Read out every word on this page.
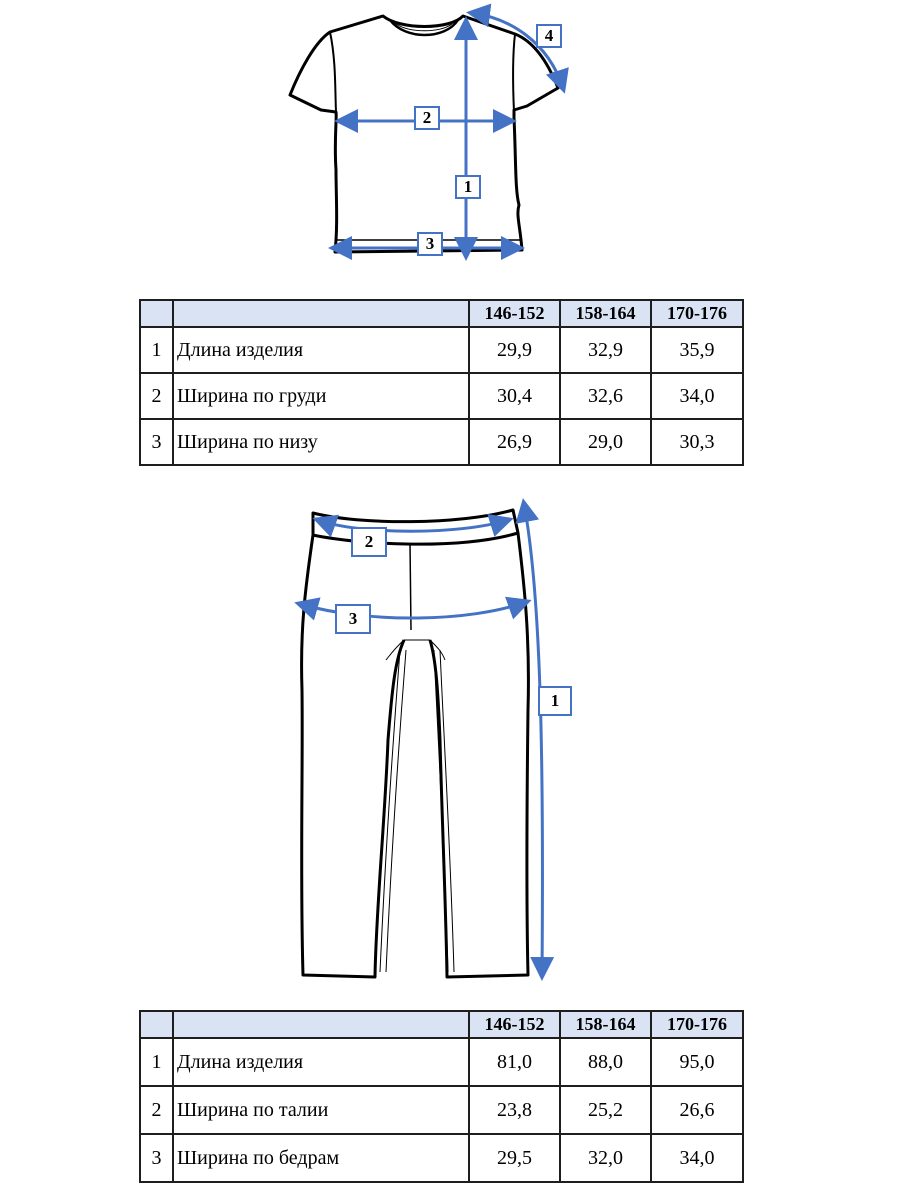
1
2
3
4
		146-152	158-164	170-176
1	Длина изделия	29,9	32,9	35,9
2	Ширина по груди	30,4	32,6	34,0
3	Ширина по низу	26,9	29,0	30,3
1
2
3
		146-152	158-164	170-176
1	Длина изделия	81,0	88,0	95,0
2	Ширина по талии	23,8	25,2	26,6
3	Ширина по бедрам	29,5	32,0	34,0
